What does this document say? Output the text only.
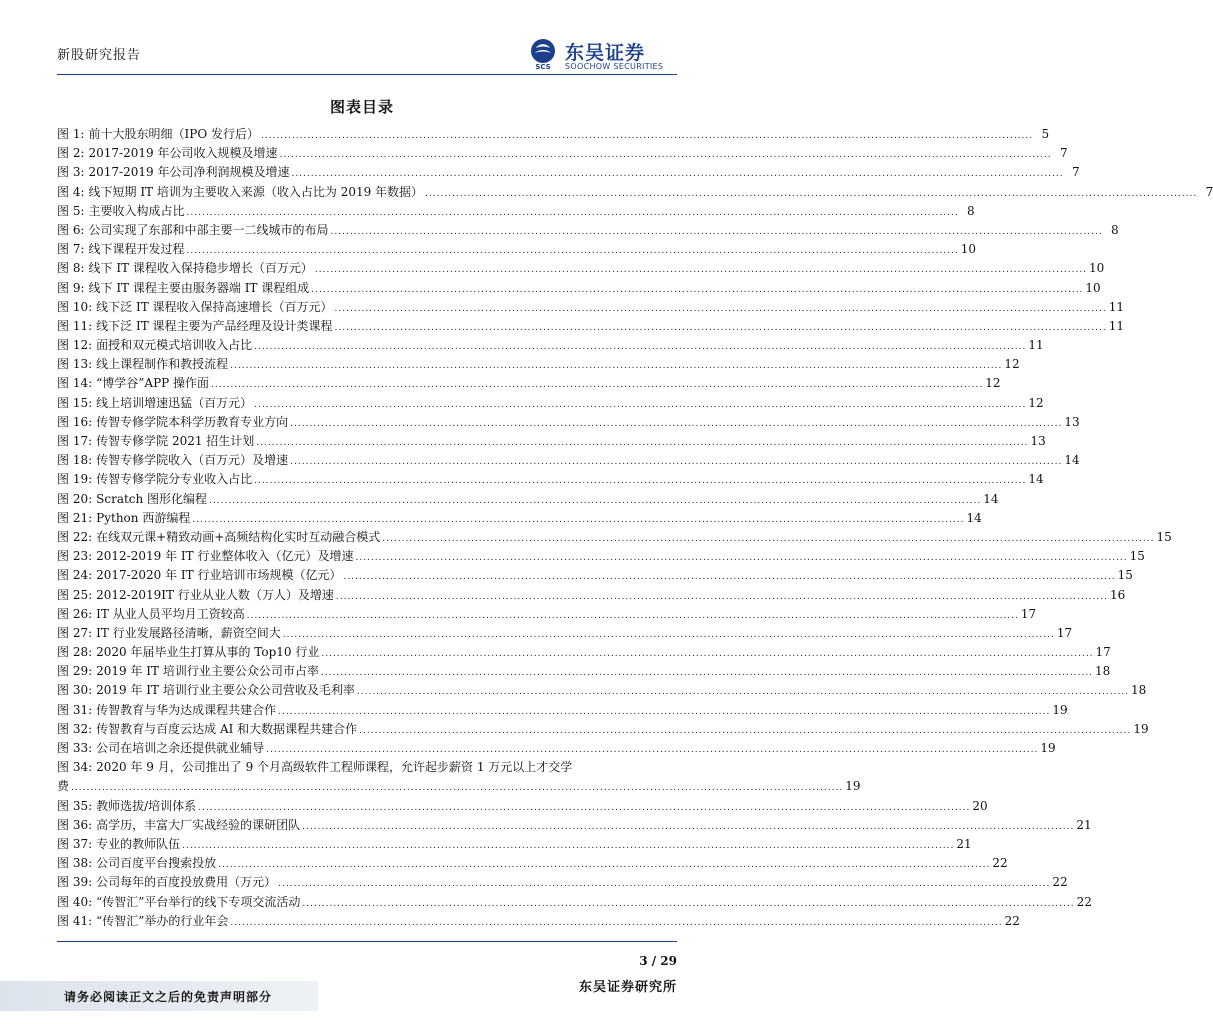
新股研究报告
SCS
东吴证券
SOOCHOW SECURITIES
图表目录
图 1: 前十大股东明细（IPO 发行后） ........................................................................................................................................................................................................ 5
图 2: 2017-2019 年公司收入规模及增速 ........................................................................................................................................................................................................ 7
图 3: 2017-2019 年公司净利润规模及增速 ........................................................................................................................................................................................................ 7
图 4: 线下短期 IT 培训为主要收入来源（收入占比为 2019 年数据） ........................................................................................................................................................................................................ 7
图 5: 主要收入构成占比 ........................................................................................................................................................................................................ 8
图 6: 公司实现了东部和中部主要一二线城市的布局 ........................................................................................................................................................................................................ 8
图 7: 线下课程开发过程 ........................................................................................................................................................................................................ 10
图 8: 线下 IT 课程收入保持稳步增长（百万元） ........................................................................................................................................................................................................ 10
图 9: 线下 IT 课程主要由服务器端 IT 课程组成 ........................................................................................................................................................................................................ 10
图 10: 线下泛 IT 课程收入保持高速增长（百万元） ........................................................................................................................................................................................................ 11
图 11: 线下泛 IT 课程主要为产品经理及设计类课程 ........................................................................................................................................................................................................ 11
图 12: 面授和双元模式培训收入占比 ........................................................................................................................................................................................................ 11
图 13: 线上课程制作和教授流程 ........................................................................................................................................................................................................ 12
图 14: “博学谷”APP 操作面 ........................................................................................................................................................................................................ 12
图 15: 线上培训增速迅猛（百万元） ........................................................................................................................................................................................................ 12
图 16: 传智专修学院本科学历教育专业方向 ........................................................................................................................................................................................................ 13
图 17: 传智专修学院 2021 招生计划 ........................................................................................................................................................................................................ 13
图 18: 传智专修学院收入（百万元）及增速 ........................................................................................................................................................................................................ 14
图 19: 传智专修学院分专业收入占比 ........................................................................................................................................................................................................ 14
图 20: Scratch 图形化编程 ........................................................................................................................................................................................................ 14
图 21: Python 西游编程 ........................................................................................................................................................................................................ 14
图 22: 在线双元课+精致动画+高频结构化实时互动融合模式 ........................................................................................................................................................................................................ 15
图 23: 2012-2019 年 IT 行业整体收入（亿元）及增速 ........................................................................................................................................................................................................ 15
图 24: 2017-2020 年 IT 行业培训市场规模（亿元） ........................................................................................................................................................................................................ 15
图 25: 2012-2019IT 行业从业人数（万人）及增速 ........................................................................................................................................................................................................ 16
图 26: IT 从业人员平均月工资较高 ........................................................................................................................................................................................................ 17
图 27: IT 行业发展路径清晰，薪资空间大 ........................................................................................................................................................................................................ 17
图 28: 2020 年届毕业生打算从事的 Top10 行业 ........................................................................................................................................................................................................ 17
图 29: 2019 年 IT 培训行业主要公众公司市占率 ........................................................................................................................................................................................................ 18
图 30: 2019 年 IT 培训行业主要公众公司营收及毛利率 ........................................................................................................................................................................................................ 18
图 31: 传智教育与华为达成课程共建合作 ........................................................................................................................................................................................................ 19
图 32: 传智教育与百度云达成 AI 和大数据课程共建合作 ........................................................................................................................................................................................................ 19
图 33: 公司在培训之余还提供就业辅导 ........................................................................................................................................................................................................ 19
图 34: 2020 年 9 月，公司推出了 9 个月高级软件工程师课程，允许起步薪资 1 万元以上才交学
费 ........................................................................................................................................................................................................ 19
图 35: 教师选拔/培训体系 ........................................................................................................................................................................................................ 20
图 36: 高学历，丰富大厂实战经验的课研团队 ........................................................................................................................................................................................................ 21
图 37: 专业的教师队伍 ........................................................................................................................................................................................................ 21
图 38: 公司百度平台搜索投放 ........................................................................................................................................................................................................ 22
图 39: 公司每年的百度投放费用（万元） ........................................................................................................................................................................................................ 22
图 40: “传智汇”平台举行的线下专项交流活动 ........................................................................................................................................................................................................ 22
图 41: “传智汇”举办的行业年会 ........................................................................................................................................................................................................ 22
3 / 29
请务必阅读正文之后的免责声明部分
东吴证券研究所
